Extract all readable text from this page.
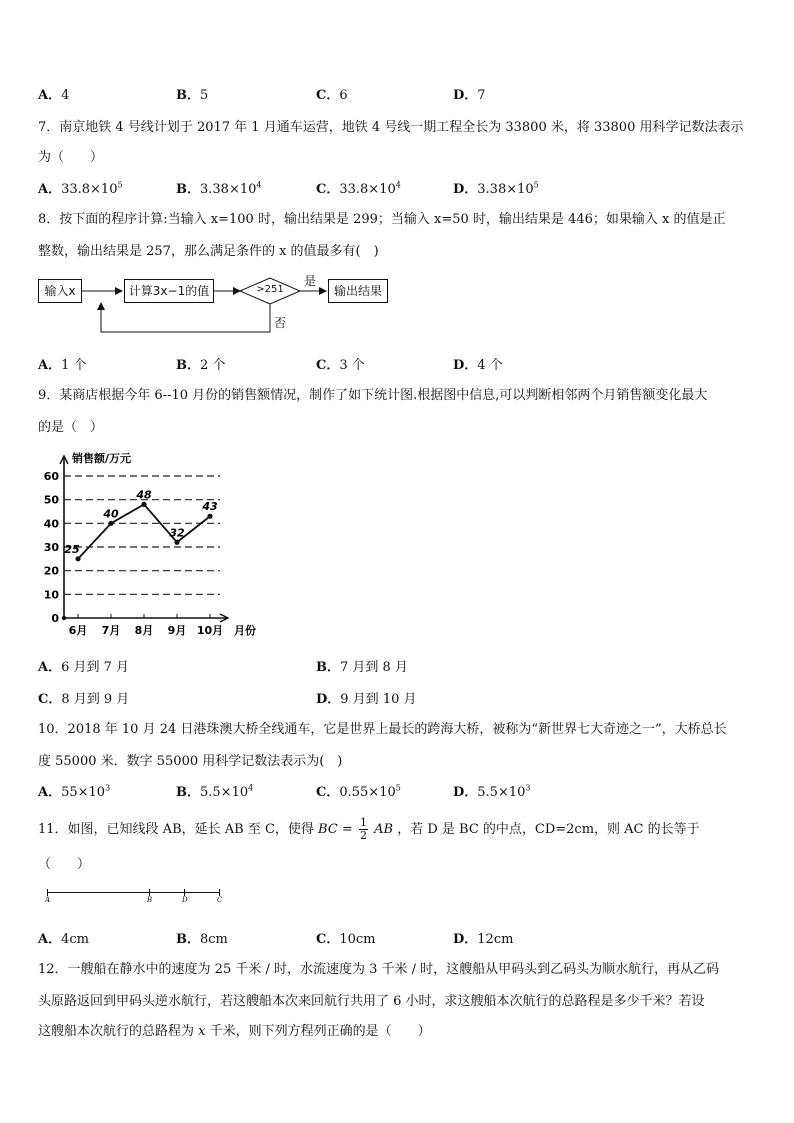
A．4	B．5	C．6	D．7
7．南京地铁 4 号线计划于 2017 年 1 月通车运营，地铁 4 号线一期工程全长为 33800 米，将 33800 用科学记数法表示
为（　　）
A．$33.8\times 10^5$	B．$3.38\times 10^4$	C．$33.8\times 10^4$	D．$3.38\times 10^5$
8．按下面的程序计算:当输入 x=100 时，输出结果是 299；当输入 x=50 时，输出结果是 446；如果输入 x 的值是正
整数，输出结果是 257，那么满足条件的 x 的值最多有(　)
输入x	计算3x−1的值	>251
是
否
输出结果
A．1 个	B．2 个	C．3 个	D．4 个
9．某商店根据今年 6--10 月份的销售额情况，制作了如下统计图.根据图中信息,可以判断相邻两个月销售额变化最大
的是（　）
0
10
20
30
40
50
60
销售额/万元
6月 7月 8月 9月 10月 月份
25
40
48
32
43
A．6 月到 7 月	B．7 月到 8 月
C．8 月到 9 月	D．9 月到 10 月
10．2018 年 10 月 24 日港珠澳大桥全线通车，它是世界上最长的跨海大桥，被称为“新世界七大奇迹之一”，大桥总长
度 55000 米．数字 55000 用科学记数法表示为(　)
A．$55\times 10^3$	B．$5.5\times 10^4$	C．$0.55\times 10^5$	D．$5.5\times 10^3$
11．如图，已知线段 AB，延长 AB 至 C，使得 BC = $\frac{1}{2}$ AB ，若 D 是 BC 的中点，CD=2cm，则 AC 的长等于
（　　）
A	B	D	C
A．4cm	B．8cm	C．10cm	D．12cm
12．一艘船在静水中的速度为 25 千米 / 时，水流速度为 3 千米 / 时，这艘船从甲码头到乙码头为顺水航行，再从乙码
头原路返回到甲码头逆水航行，若这艘船本次来回航行共用了 6 小时，求这艘船本次航行的总路程是多少千米？若设
这艘船本次航行的总路程为 x 千米，则下列方程列正确的是（　　）
